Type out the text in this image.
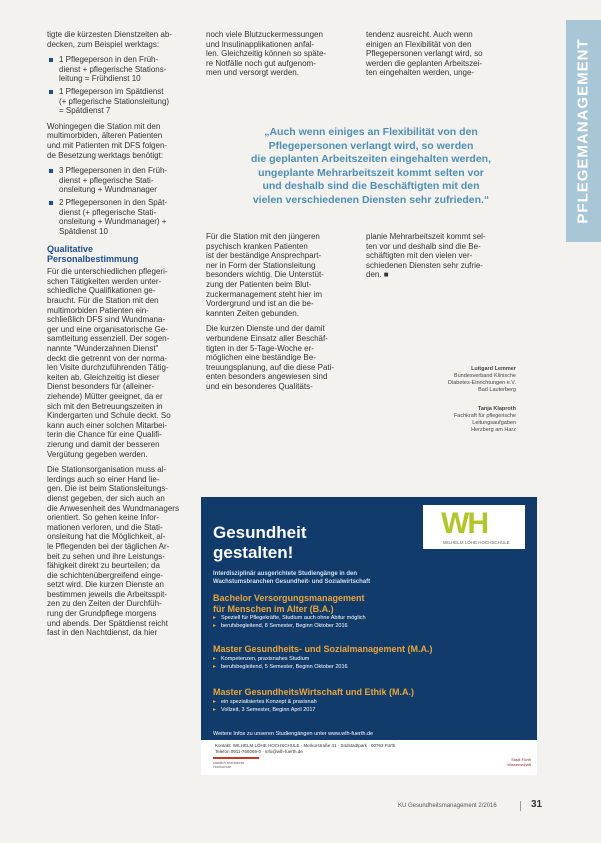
PFLEGEMANAGEMENT

tigte die kürzesten Dienstzeiten ab-
decken, zum Beispiel werktags:

1 Pflegeperson in den Früh-
dienst + pflegerische Stations-
leitung = Frühdienst 10
1 Pflegeperson im Spätdienst
(+ pflegerische Stationsleitung)
= Spätdienst 7

Wohingegen die Station mit den
multimorbiden, älteren Patienten
und mit Patienten mit DFS folgen-
de Besetzung werktags benötigt:

3 Pflegepersonen in den Früh-
dienst + pflegerische Stati-
onsleitung + Wundmanager
2 Pflegepersonen in den Spät-
dienst (+ pflegerische Stati-
onsleitung + Wundmanager) +
Spätdienst 10
Qualitative
Personalbestimmung

Für die unterschiedlichen pflegeri-
schen Tätigkeiten werden unter-
schiedliche Qualifikationen ge-
braucht. Für die Station mit den
multimorbiden Patienten ein-
schließlich DFS sind Wundmana-
ger und eine organisatorische Ge-
samtleitung essenziell. Der sogen-
nannte "Wunderzahnen Dienst"
deckt die getrennt von der norma-
len Visite durchzuführenden Tätig-
keiten ab. Gleichzeitig ist dieser
Dienst besonders für (alleiner-
ziehende) Mütter geeignet, da er
sich mit den Betreuungszeiten in
Kindergarten und Schule deckt. So
kann auch einer solchen Mitarbei-
terin die Chance für eine Qualifi-
zierung und damit der besseren
Vergütung gegeben werden.

Die Stationsorganisation muss al-
lerdings auch so einer Hand lie-
gen. Die ist beim Stationsleitungs-
dienst gegeben, der sich auch an
die Anwesenheit des Wundmanagers
orientiert. So gehen keine Infor-
mationen verloren, und die Stati-
onsleitung hat die Möglichkeit, al-
le Pflegenden bei der täglichen Ar-
beit zu sehen und ihre Leistungs-
fähigkeit direkt zu beurteilen; da
die schichtenübergreifend einge-
setzt wird. Die kurzen Dienste an
bestimmen jeweils die Arbeitsspit-
zen zu den Zeiten der Durchfüh-
rung der Grundpflege morgens
und abends. Der Spätdienst reicht
fast in den Nachtdienst, da hier

noch viele Blutzuckermessungen
und Insulinapplikationen anfal-
len. Gleichzeitig können so späte-
re Notfälle noch gut aufgenom-
men und versorgt werden.

tendenz ausreicht. Auch wenn
einigen an Flexibilität von den
Pflegepersonen verlangt wird, so
werden die geplanten Arbeitszei-
ten eingehalten werden, unge-

„Auch wenn einiges an Flexibilität von den
Pflegepersonen verlangt wird, so werden
die geplanten Arbeitszeiten eingehalten werden,
ungeplante Mehrarbeitszeit kommt selten vor
und deshalb sind die Beschäftigten mit den
vielen verschiedenen Diensten sehr zufrieden.“

Für die Station mit den jüngeren
psychisch kranken Patienten
ist der beständige Ansprechpart-
ner in Form der Stationsleitung
besonders wichtig. Die Unterstüt-
zung der Patienten beim Blut-
zuckermanagement steht hier im
Vordergrund und ist an die be-
kannten Zeiten gebunden.

Die kurzen Dienste und der damit
verbundene Einsatz aller Beschäf-
tigten in der 5-Tage-Woche er-
möglichen eine beständige Be-
treuungsplanung, auf die diese Pati-
enten besonders angewiesen sind
und ein besonderes Qualitäts-

planie Mehrarbeitszeit kommt sel-
ten vor und deshalb sind die Be-
schäftigten mit den vielen ver-
schiedenen Diensten sehr zufrie-
den. ■

Luitgard Lemmer
Bundesverband Klinische
Diabetes-Einrichtungen e.V.
Bad Lauterberg
Tanja Klaproth
Fachkraft für pflegerische
Leitungsaufgaben
Herzberg am Harz
Gesundheit
gestalten!
WH
WILHELM LÖHE HOCHSCHULE
Interdisziplinär ausgerichtete Studiengänge in den
Wachstumsbranchen Gesundheit- und Sozialwirtschaft
Bachelor Versorgungsmanagement
für Menschen im Alter (B.A.)
▸ Speziell für Pflegekräfte, Studium auch ohne Abitur möglich
▸ berufsbegleitend, 8 Semester, Beginn Oktober 2016
Master Gesundheits- und Sozialmanagement (M.A.)
▸ Kompetenzen, praxisnahes Studium
▸ berufsbegleitend, 5 Semester, Beginn Oktober 2016
Master GesundheitsWirtschaft und Ethik (M.A.)
▸ ein spezialisiertes Konzept & praxisnah
▸ Vollzeit, 3 Semester, Beginn April 2017
Weitere Infos zu unseren Studiengängen unter www.wlh-fuerth.de
Kontakt: WILHELM LÖHE HOCHSCHULE · Merkurstraße 41 · Südstadtpark · 90763 Fürth
Telefon 0911-766069-0 · info@wlh-fuerth.de
staatlich anerkannte Hochschule
Stadt Fürth
Wissenschaft
KU Gesundheitsmanagement 2/2016	31
